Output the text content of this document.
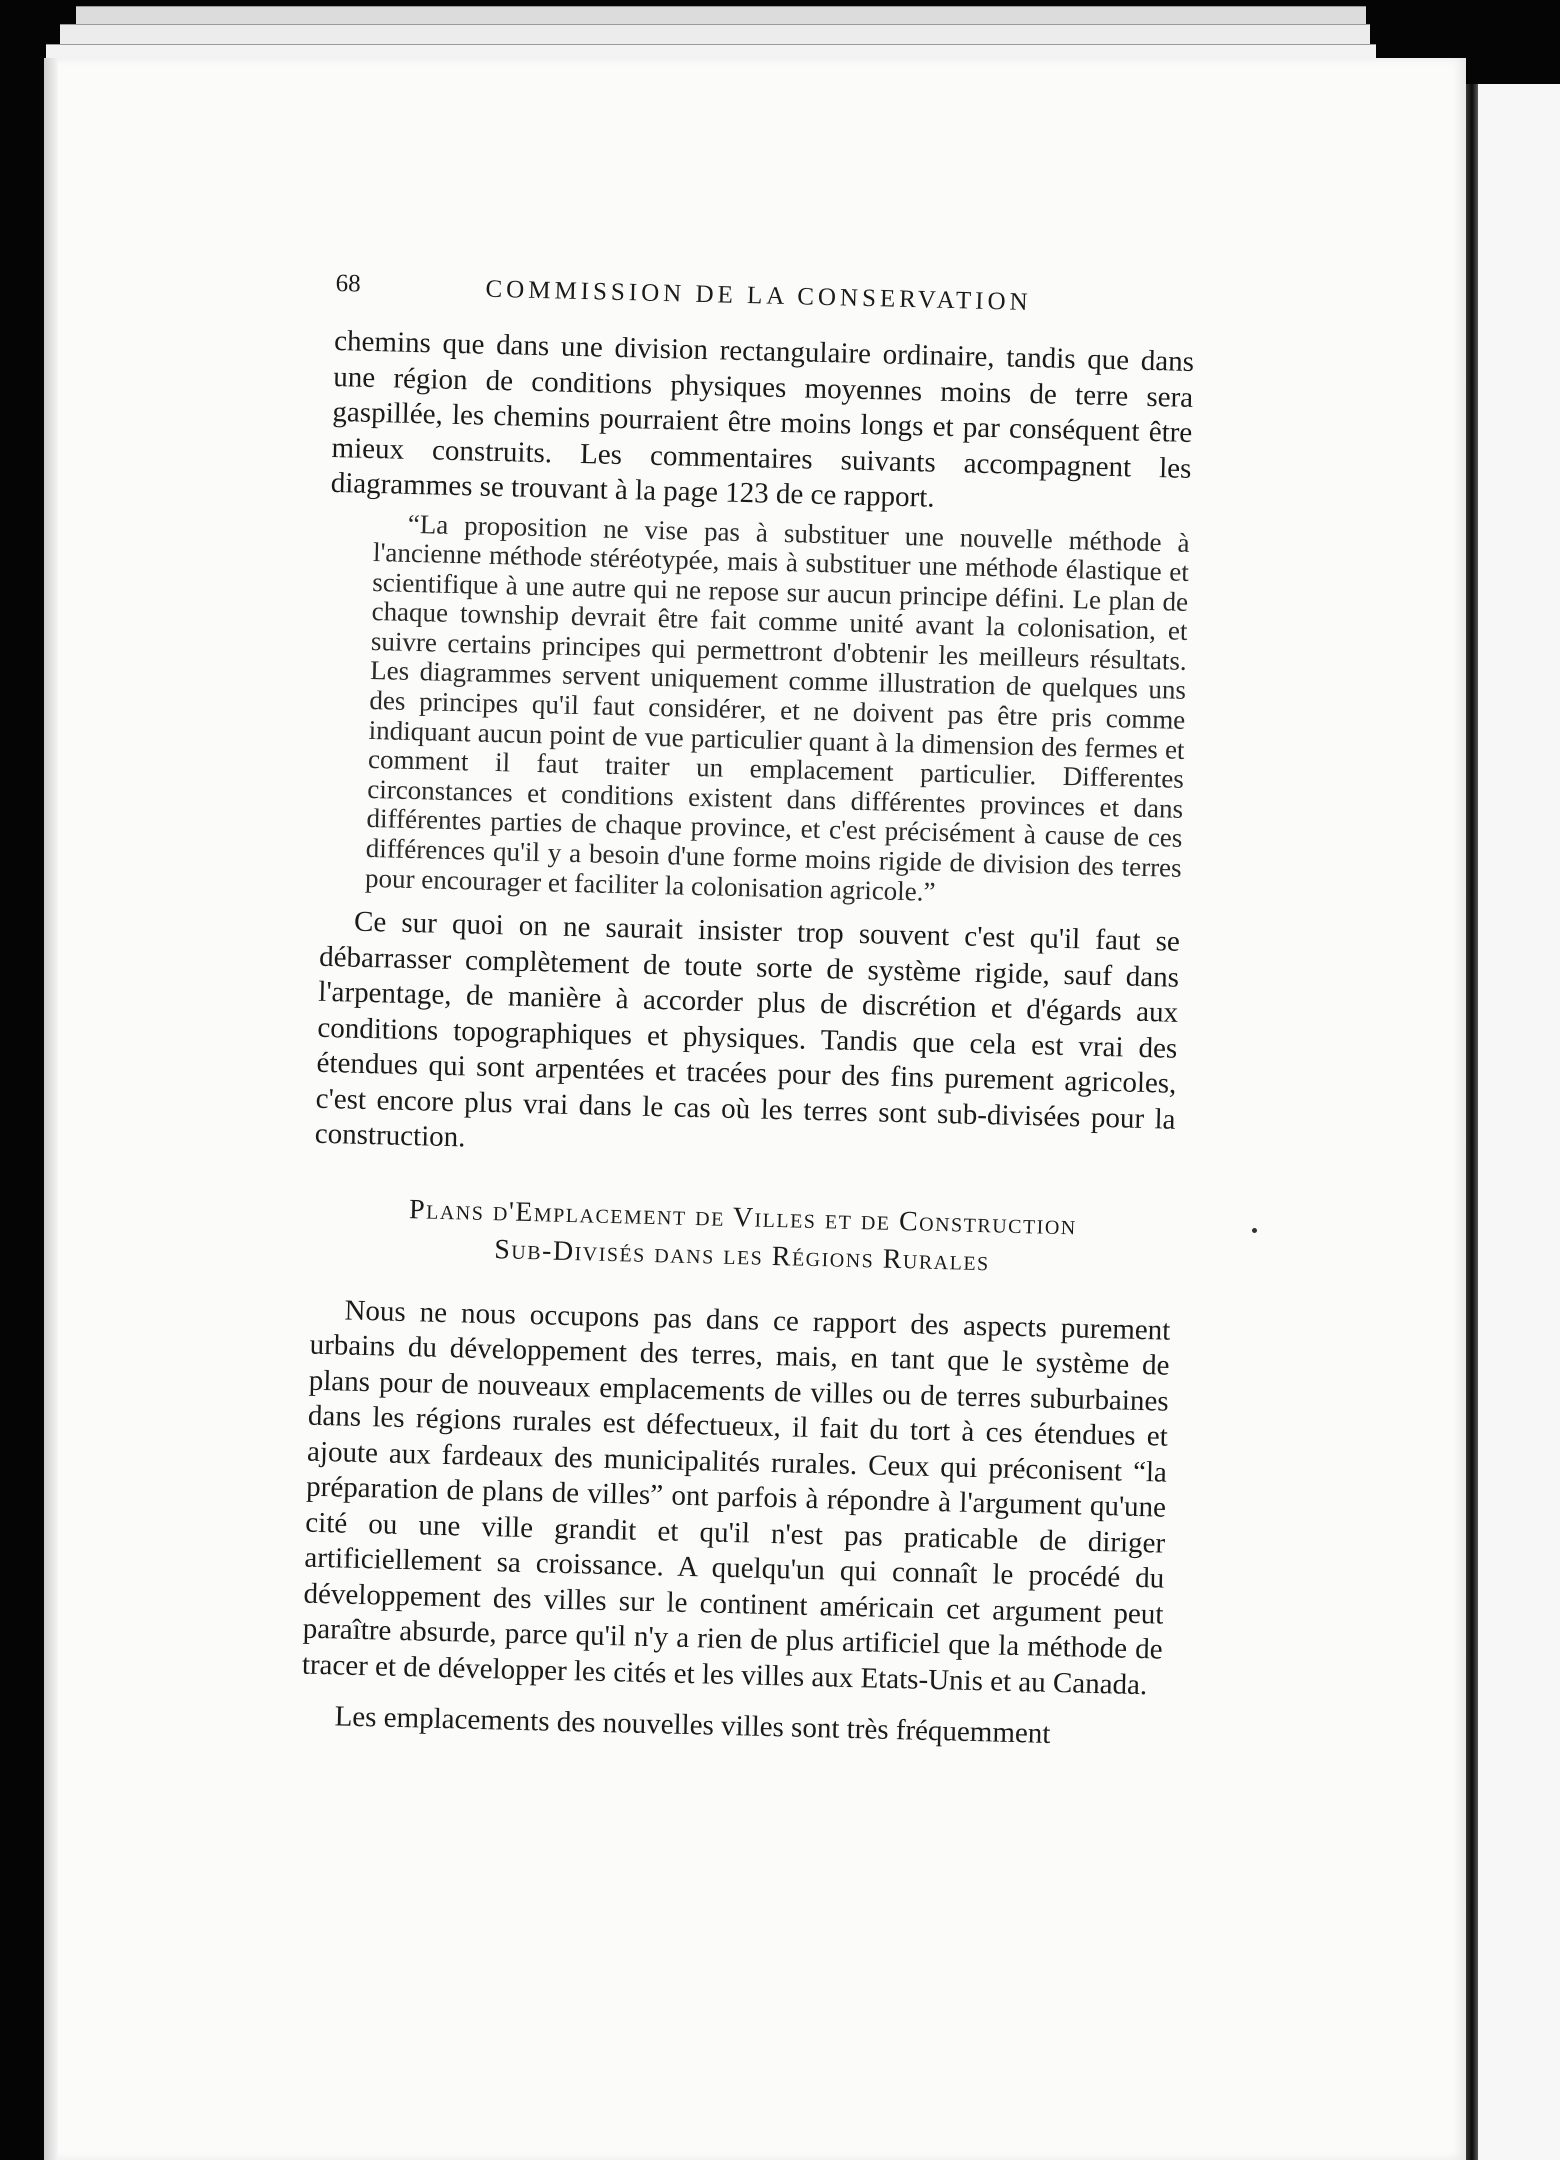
68	COMMISSION DE LA CONSERVATION

chemins que dans une division rectangulaire ordinaire, tandis que dans une région de conditions physiques moyennes moins de terre sera gaspillée, les chemins pourraient être moins longs et par conséquent être mieux construits. Les commentaires suivants accompagnent les diagrammes se trouvant à la page 123 de ce rapport.

“La proposition ne vise pas à substituer une nouvelle méthode à l'ancienne méthode stéréotypée, mais à substituer une méthode élastique et scientifique à une autre qui ne repose sur aucun principe défini. Le plan de chaque township devrait être fait comme unité avant la colonisation, et suivre certains principes qui permettront d'obtenir les meilleurs résultats. Les diagrammes servent uniquement comme illustration de quelques uns des principes qu'il faut considérer, et ne doivent pas être pris comme indiquant aucun point de vue particulier quant à la dimension des fermes et comment il faut traiter un emplacement particulier. Differentes circonstances et conditions existent dans différentes provinces et dans différentes parties de chaque province, et c'est précisément à cause de ces différences qu'il y a besoin d'une forme moins rigide de division des terres pour encourager et faciliter la colonisation agricole.”

Ce sur quoi on ne saurait insister trop souvent c'est qu'il faut se débarrasser complètement de toute sorte de système rigide, sauf dans l'arpentage, de manière à accorder plus de discrétion et d'égards aux conditions topographiques et physiques. Tandis que cela est vrai des étendues qui sont arpentées et tracées pour des fins purement agricoles, c'est encore plus vrai dans le cas où les terres sont sub-divisées pour la construction.

Plans d'Emplacement de Villes et de Construction
Sub-Divisés dans les Régions Rurales

Nous ne nous occupons pas dans ce rapport des aspects purement urbains du développement des terres, mais, en tant que le système de plans pour de nouveaux emplacements de villes ou de terres suburbaines dans les régions rurales est défectueux, il fait du tort à ces étendues et ajoute aux fardeaux des municipalités rurales. Ceux qui préconisent “la préparation de plans de villes” ont parfois à répondre à l'argument qu'une cité ou une ville grandit et qu'il n'est pas praticable de diriger artificiellement sa croissance. A quelqu'un qui connaît le procédé du développement des villes sur le continent américain cet argument peut paraître absurde, parce qu'il n'y a rien de plus artificiel que la méthode de tracer et de développer les cités et les villes aux Etats-Unis et au Canada.

Les emplacements des nouvelles villes sont très fréquemment
